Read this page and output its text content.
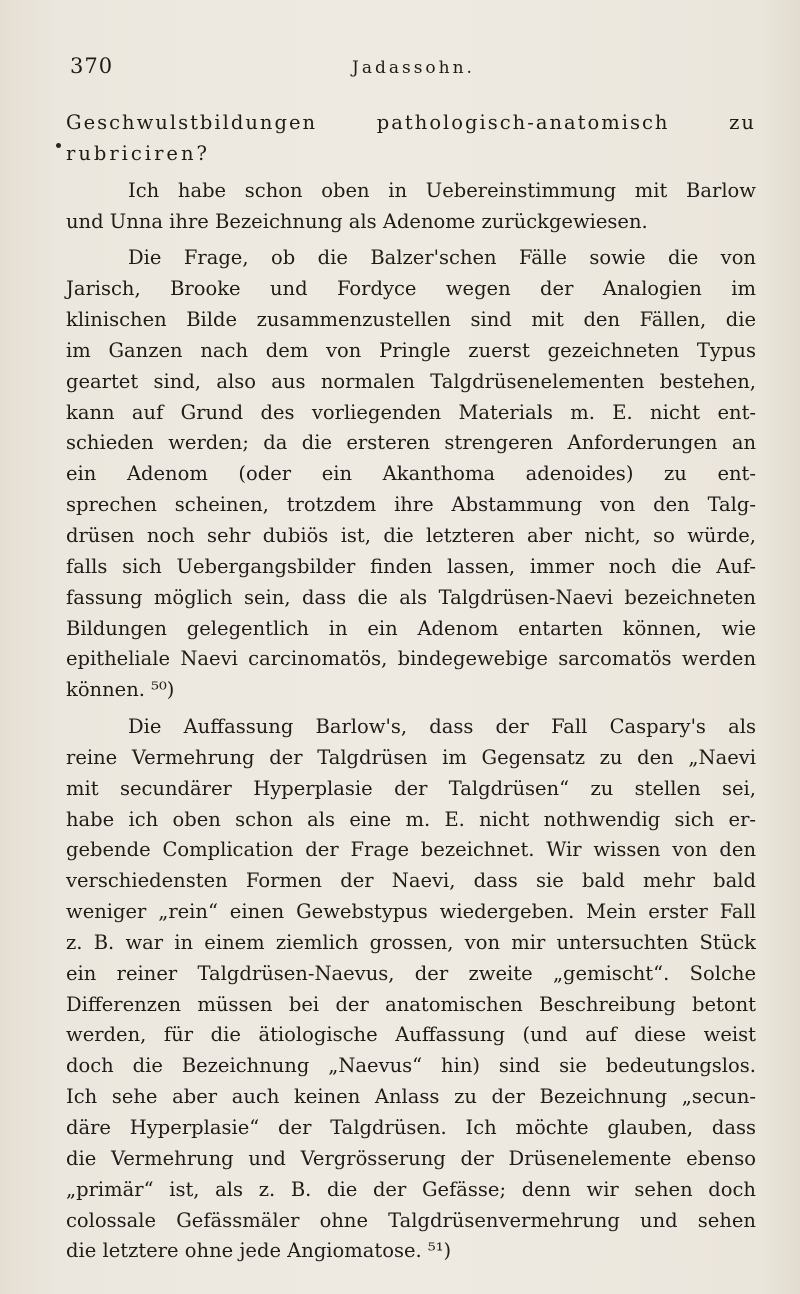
370	Jadassohn.
Geschwulstbildungen pathologisch-anatomisch zu
rubriciren?
Ich habe schon oben in Uebereinstimmung mit Barlow
und Unna ihre Bezeichnung als Adenome zurückgewiesen.
Die Frage, ob die Balzer'schen Fälle sowie die von
Jarisch, Brooke und Fordyce wegen der Analogien im
klinischen Bilde zusammenzustellen sind mit den Fällen, die
im Ganzen nach dem von Pringle zuerst gezeichneten Typus
geartet sind, also aus normalen Talgdrüsenelementen bestehen,
kann auf Grund des vorliegenden Materials m. E. nicht ent-
schieden werden; da die ersteren strengeren Anforderungen an
ein Adenom (oder ein Akanthoma adenoides) zu ent-
sprechen scheinen, trotzdem ihre Abstammung von den Talg-
drüsen noch sehr dubiös ist, die letzteren aber nicht, so würde,
falls sich Uebergangsbilder finden lassen, immer noch die Auf-
fassung möglich sein, dass die als Talgdrüsen-Naevi bezeichneten
Bildungen gelegentlich in ein Adenom entarten können, wie
epitheliale Naevi carcinomatös, bindegewebige sarcomatös werden
können. ⁵⁰)
Die Auffassung Barlow's, dass der Fall Caspary's als
reine Vermehrung der Talgdrüsen im Gegensatz zu den „Naevi
mit secundärer Hyperplasie der Talgdrüsen“ zu stellen sei,
habe ich oben schon als eine m. E. nicht nothwendig sich er-
gebende Complication der Frage bezeichnet. Wir wissen von den
verschiedensten Formen der Naevi, dass sie bald mehr bald
weniger „rein“ einen Gewebstypus wiedergeben. Mein erster Fall
z. B. war in einem ziemlich grossen, von mir untersuchten Stück
ein reiner Talgdrüsen-Naevus, der zweite „gemischt“. Solche
Differenzen müssen bei der anatomischen Beschreibung betont
werden, für die ätiologische Auffassung (und auf diese weist
doch die Bezeichnung „Naevus“ hin) sind sie bedeutungslos.
Ich sehe aber auch keinen Anlass zu der Bezeichnung „secun-
däre Hyperplasie“ der Talgdrüsen. Ich möchte glauben, dass
die Vermehrung und Vergrösserung der Drüsenelemente ebenso
„primär“ ist, als z. B. die der Gefässe; denn wir sehen doch
colossale Gefässmäler ohne Talgdrüsenvermehrung und sehen
die letztere ohne jede Angiomatose. ⁵¹)
